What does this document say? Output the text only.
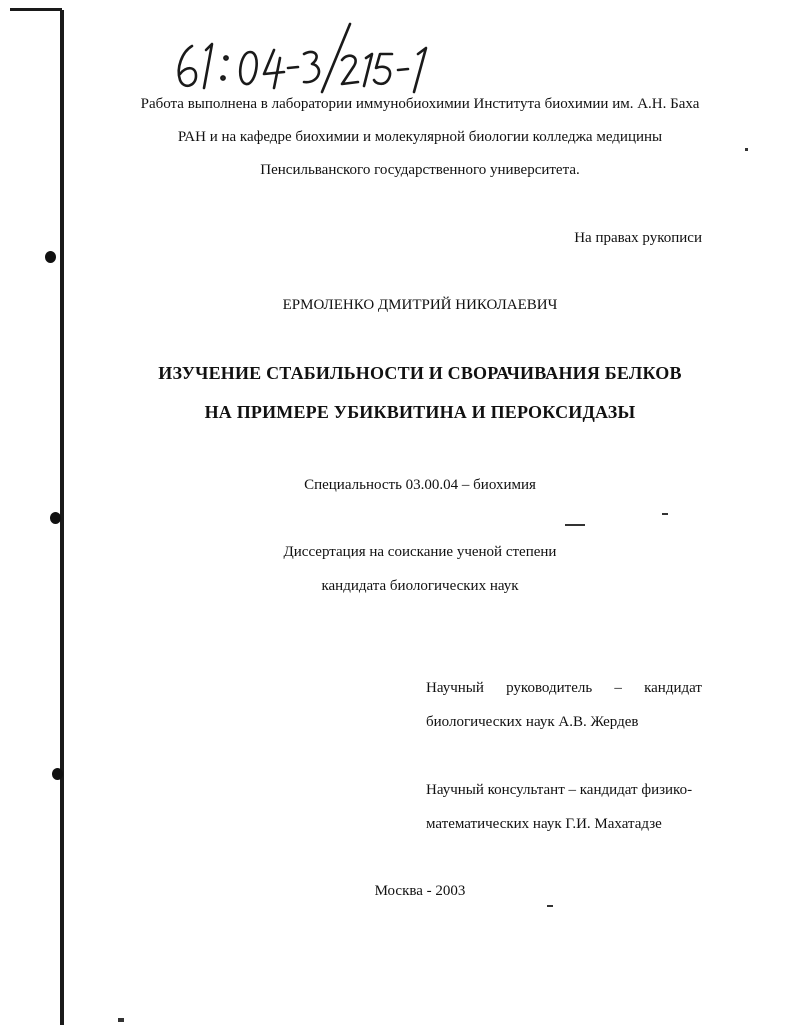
Работа выполнена в лаборатории иммунобиохимии Института биохимии им. А.Н. Баха
РАН и на кафедре биохимии и молекулярной биологии колледжа медицины
Пенсильванского государственного университета.
На правах рукописи
ЕРМОЛЕНКО ДМИТРИЙ НИКОЛАЕВИЧ
ИЗУЧЕНИЕ СТАБИЛЬНОСТИ И СВОРАЧИВАНИЯ БЕЛКОВ
НА ПРИМЕРЕ УБИКВИТИНА И ПЕРОКСИДАЗЫ
Специальность 03.00.04 – биохимия
Диссертация на соискание ученой степени
кандидата биологических наук
Научный руководитель – кандидат
биологических наук А.В. Жердев
Научный консультант – кандидат физико-
математических наук Г.И. Махатадзе
Москва - 2003
